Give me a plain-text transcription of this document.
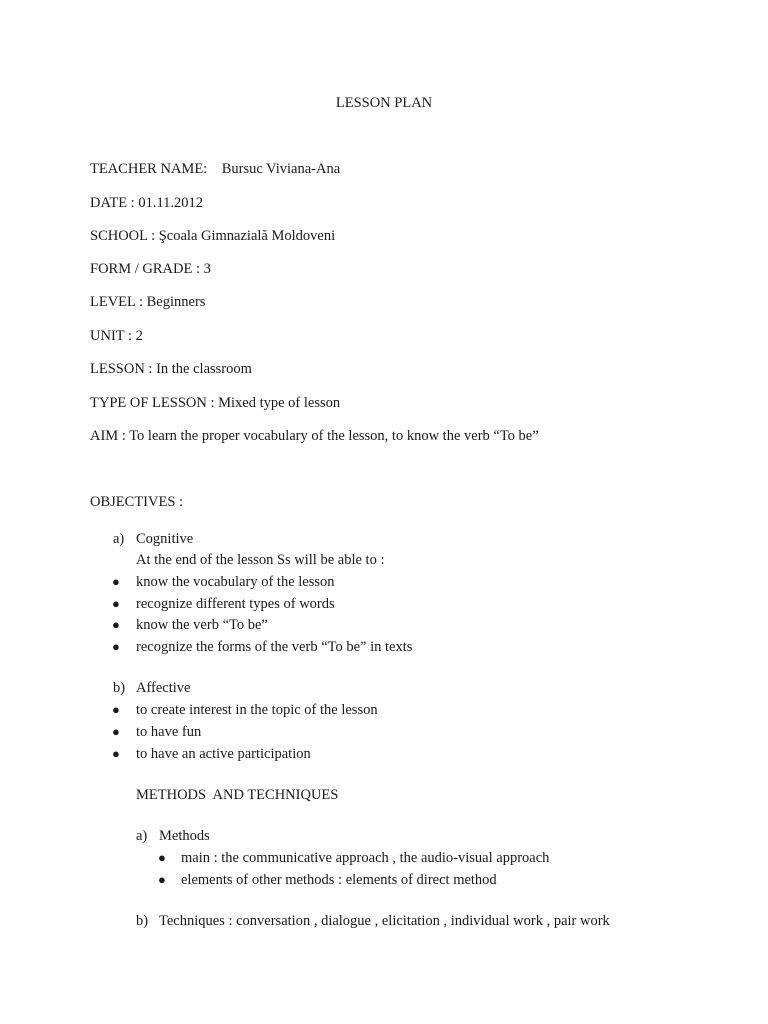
LESSON PLAN
TEACHER NAME:    Bursuc Viviana-Ana
DATE : 01.11.2012
SCHOOL : Şcoala Gimnazială Moldoveni
FORM / GRADE : 3
LEVEL : Beginners
UNIT : 2
LESSON : In the classroom
TYPE OF LESSON : Mixed type of lesson
AIM : To learn the proper vocabulary of the lesson, to know the verb “To be”
OBJECTIVES :
a) Cognitive
At the end of the lesson Ss will be able to :
● know the vocabulary of the lesson
● recognize different types of words
● know the verb “To be”
● recognize the forms of the verb “To be” in texts
b) Affective
● to create interest in the topic of the lesson
● to have fun
● to have an active participation
METHODS  AND TECHNIQUES
a) Methods
● main : the communicative approach , the audio-visual approach
● elements of other methods : elements of direct method
b) Techniques : conversation , dialogue , elicitation , individual work , pair work
